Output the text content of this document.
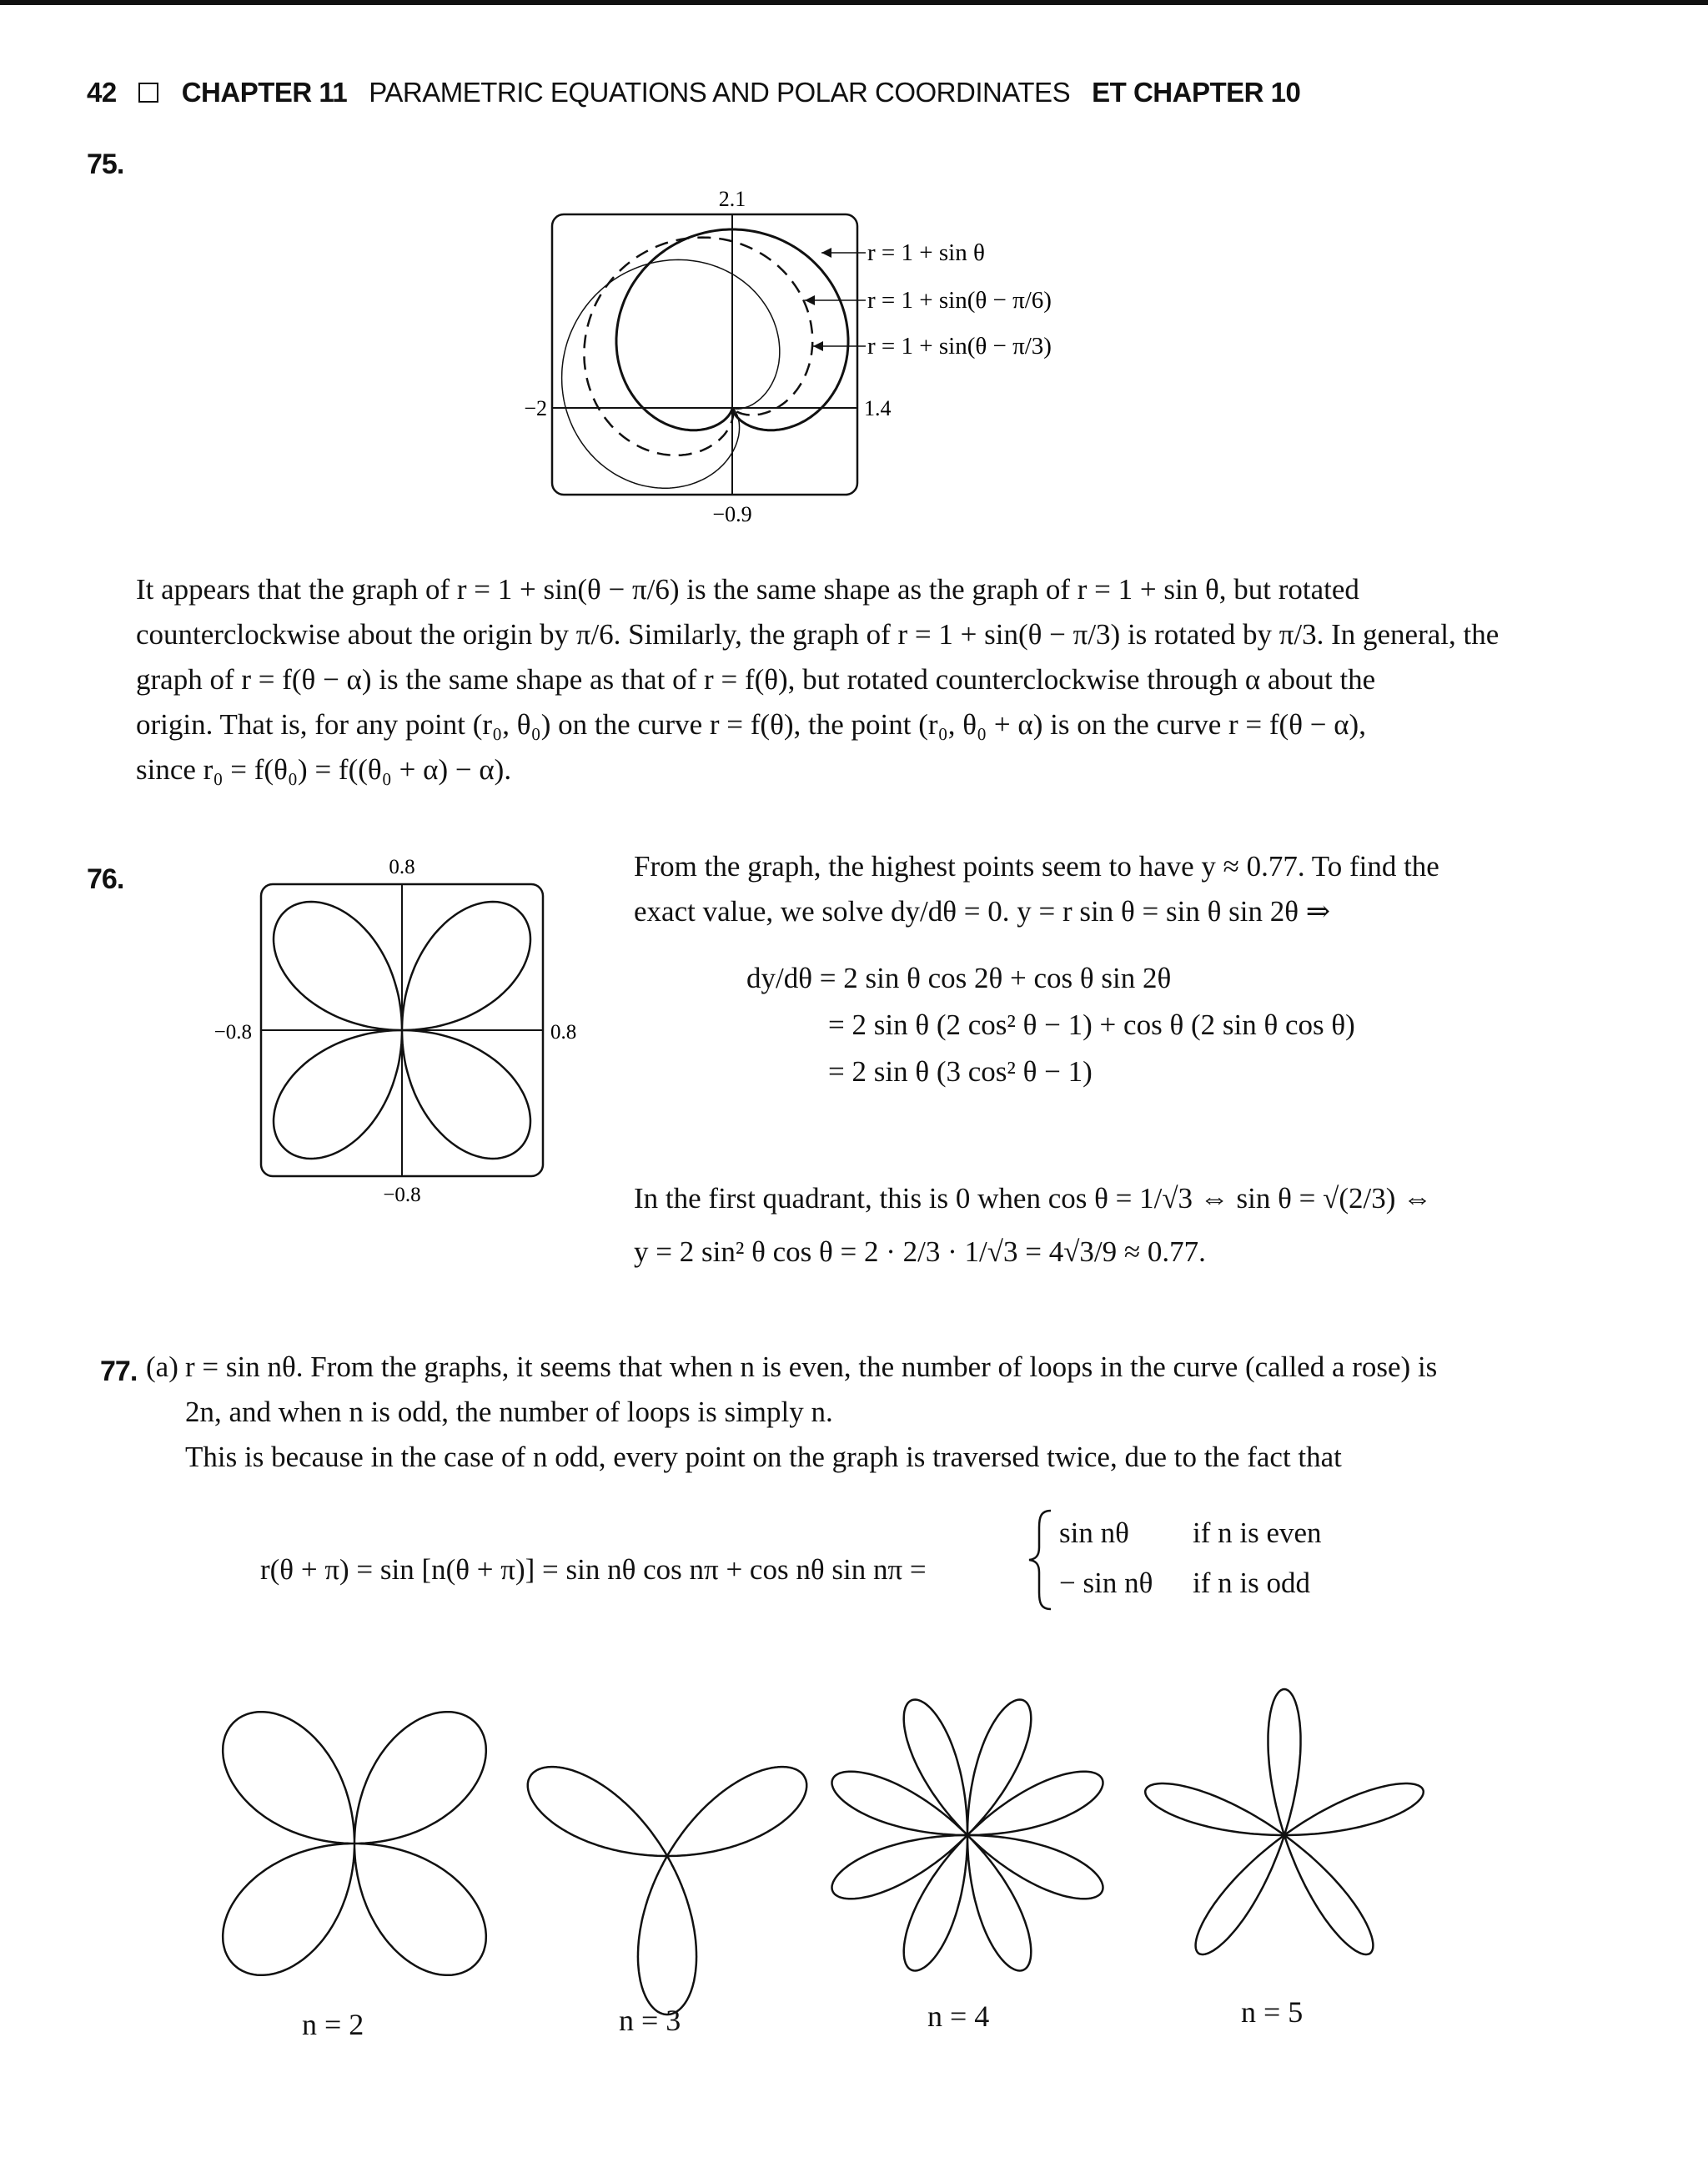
42 CHAPTER 11 PARAMETRIC EQUATIONS AND POLAR COORDINATES ET CHAPTER 10
75.
2.1
−0.9
−2	1.4
r = 1 + sin θ
r = 1 + sin(θ − π/6)
r = 1 + sin(θ − π/3)
It appears that the graph of r = 1 + sin(θ − π/6) is the same shape as the graph of r = 1 + sin θ, but rotated
counterclockwise about the origin by π/6. Similarly, the graph of r = 1 + sin(θ − π/3) is rotated by π/3. In general, the
graph of r = f(θ − α) is the same shape as that of r = f(θ), but rotated counterclockwise through α about the
origin. That is, for any point (r₀, θ₀) on the curve r = f(θ), the point (r₀, θ₀ + α) is on the curve r = f(θ − α),
since r₀ = f(θ₀) = f((θ₀ + α) − α).
76.	0.8
−0.8
−0.8	0.8
From the graph, the highest points seem to have y ≈ 0.77. To find the
exact value, we solve dy/dθ = 0. y = r sin θ = sin θ sin 2θ ⇒
dy/dθ = 2 sin θ cos 2θ + cos θ sin 2θ
= 2 sin θ (2 cos² θ − 1) + cos θ (2 sin θ cos θ)
= 2 sin θ (3 cos² θ − 1)
In the first quadrant, this is 0 when cos θ = 1/√3 ⇔ sin θ = √(2/3) ⇔
y = 2 sin² θ cos θ = 2 · 2/3 · 1/√3 = 4√3/9 ≈ 0.77.
77. (a) r = sin nθ. From the graphs, it seems that when n is even, the number of loops in the curve (called a rose) is
2n, and when n is odd, the number of loops is simply n.
This is because in the case of n odd, every point on the graph is traversed twice, due to the fact that
r(θ + π) = sin [n(θ + π)] = sin nθ cos nπ + cos nθ sin nπ =
sin nθ if n is even
− sin nθ if n is odd
n = 2	n = 3	n = 4	n = 5
